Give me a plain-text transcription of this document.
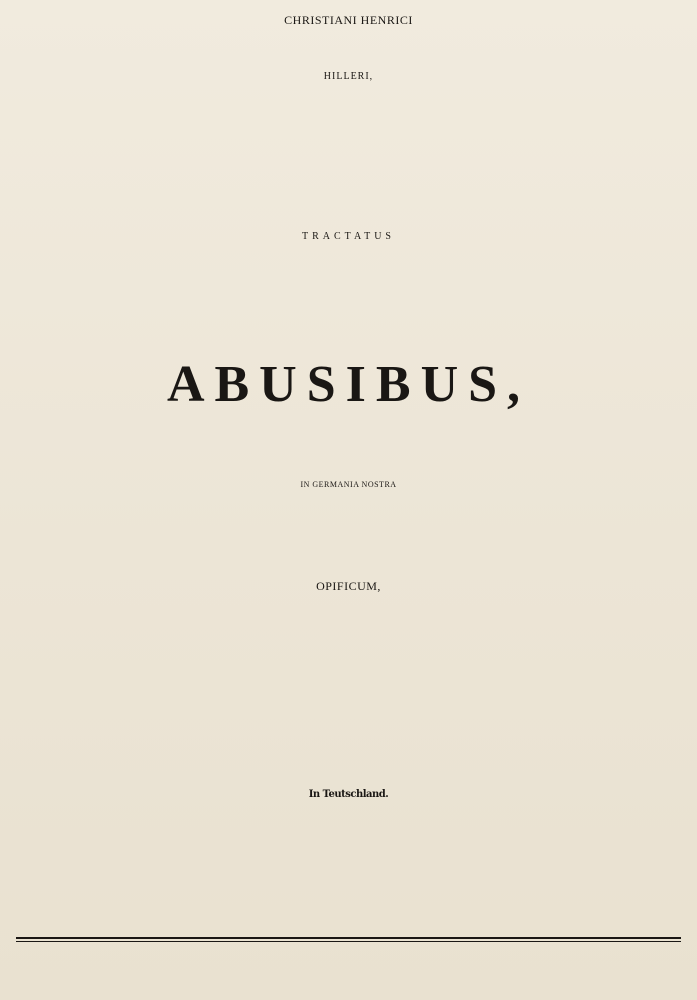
CHRISTIANI HENRICI

HILLERI,

TRACTATUS

ABUSIBUS,

IN GERMANIA NOSTRA

OPIFICUM,

In Teutschland.
